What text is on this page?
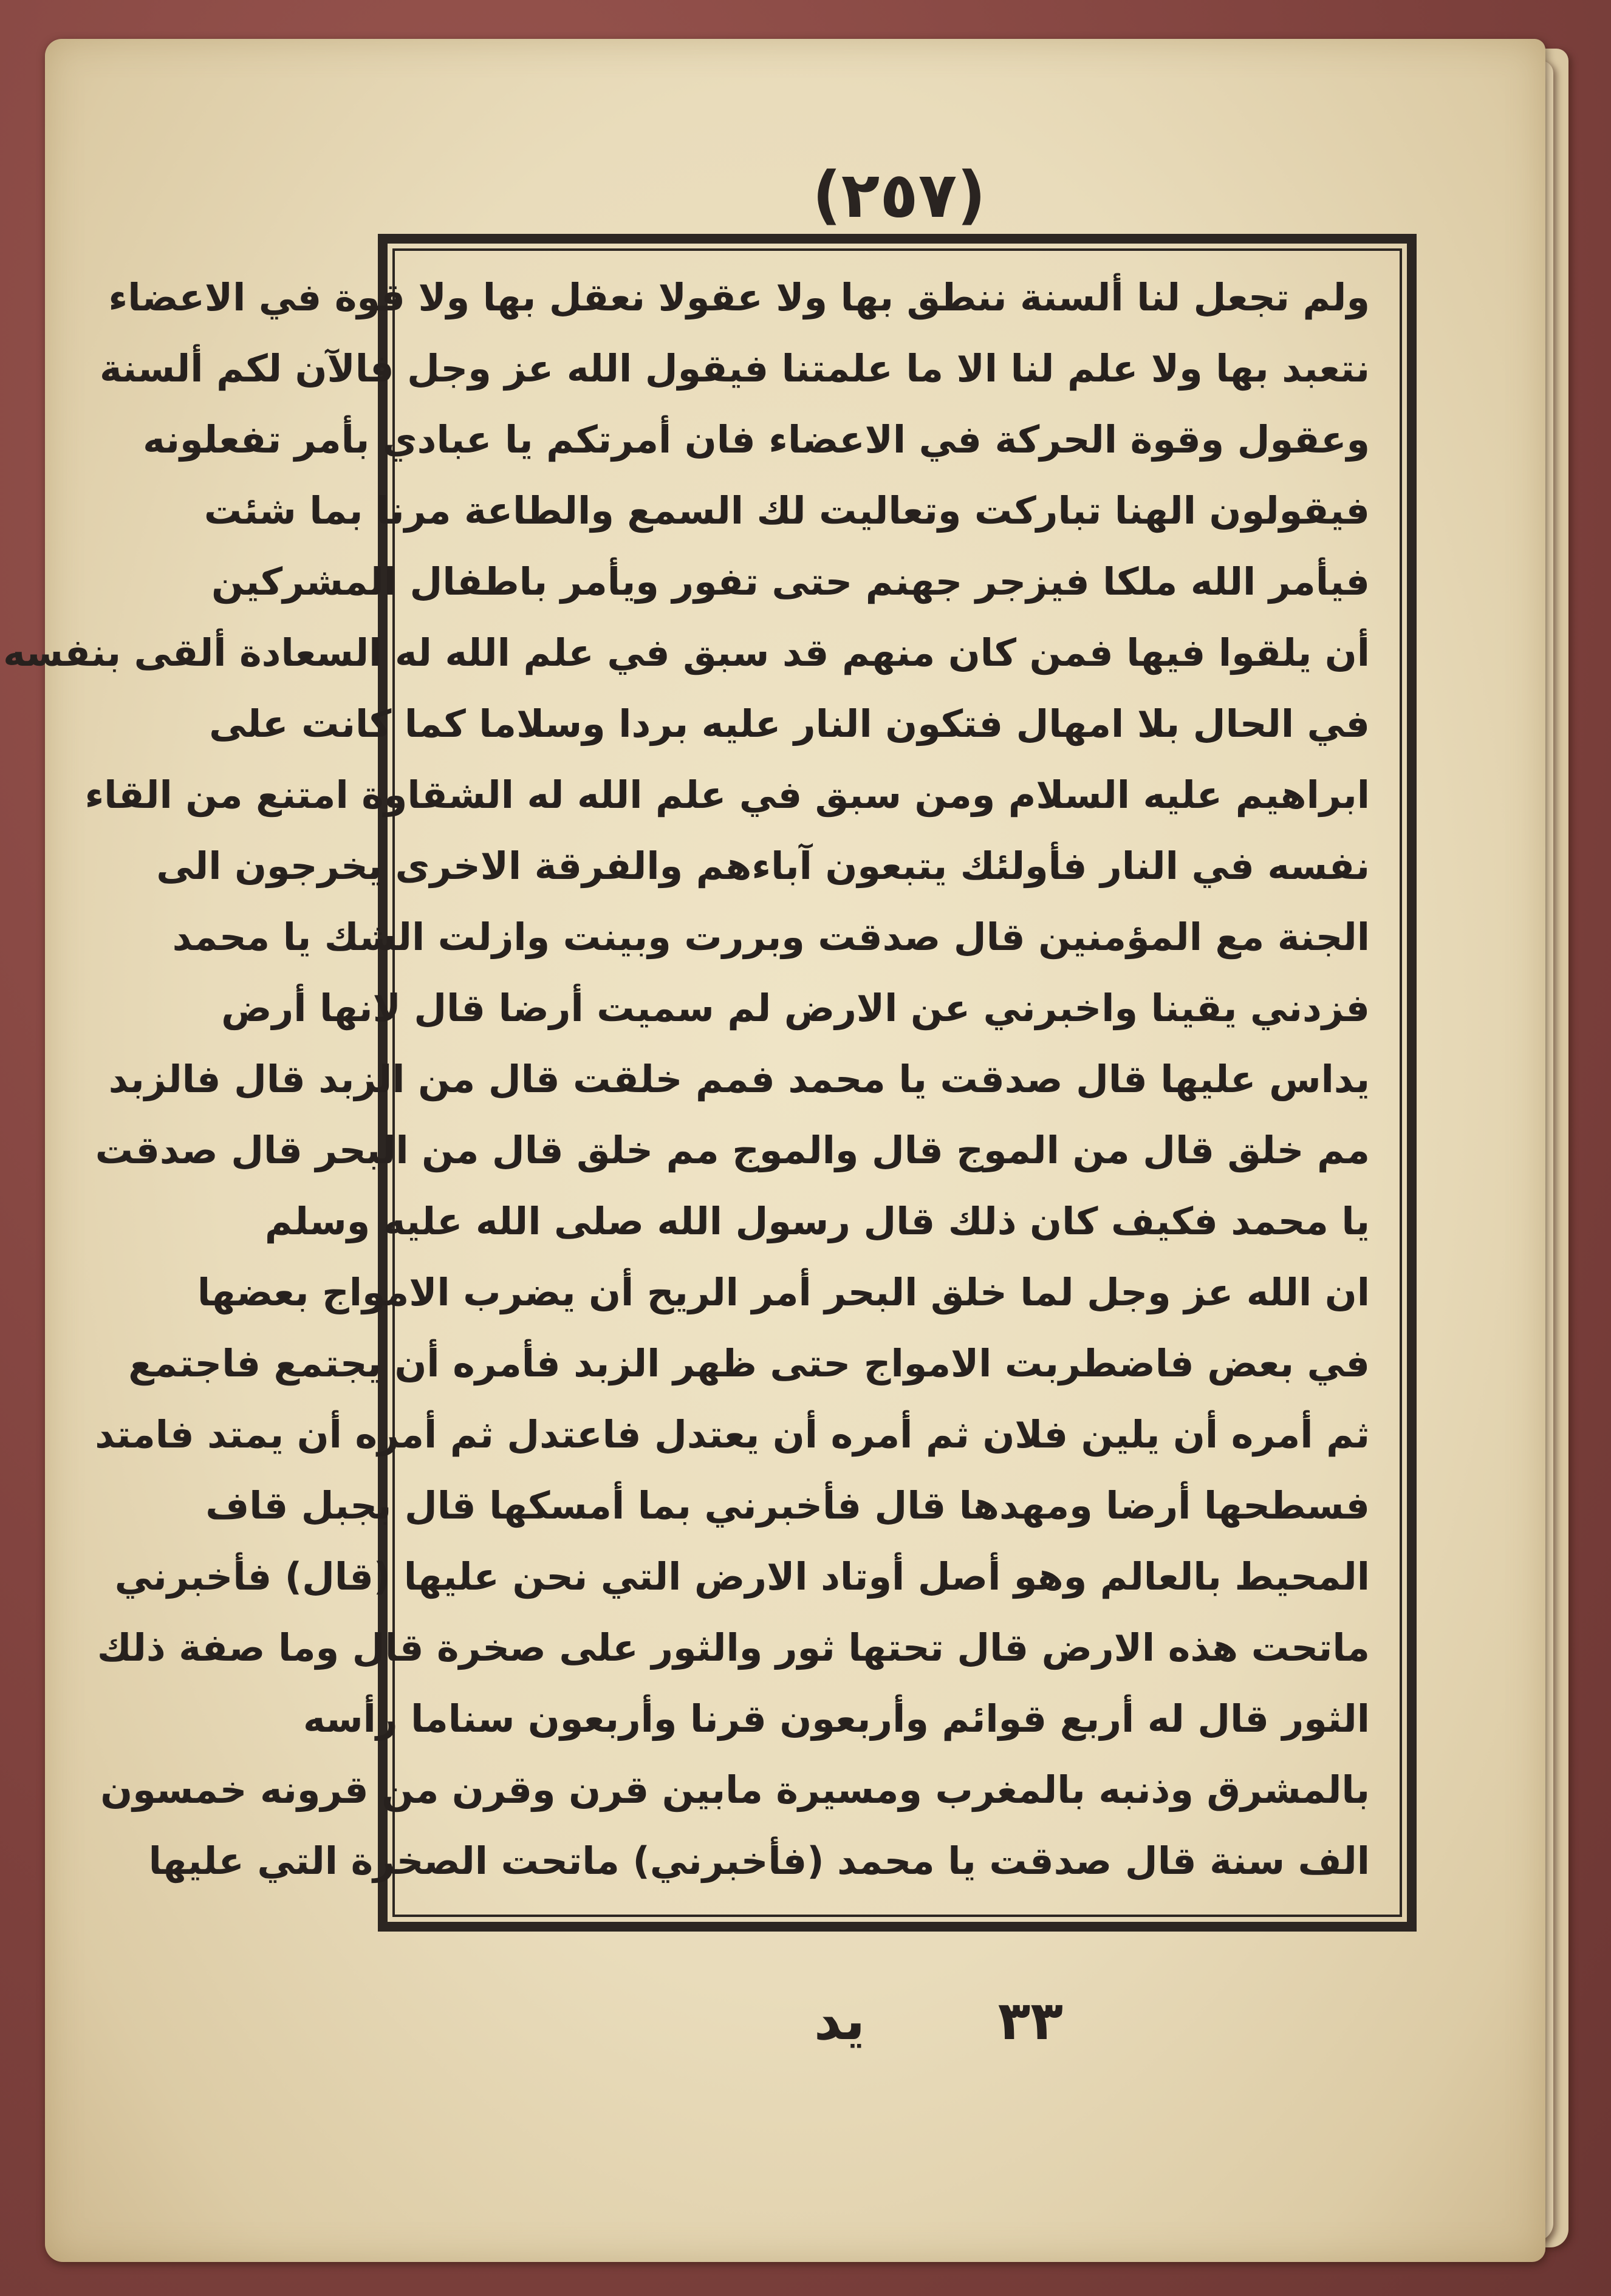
(٢٥٧)
ولم تجعل لنا ألسنة ننطق بها ولا عقولا نعقل بها ولا قوة في الاعضاء
نتعبد بها ولا علم لنا الا ما علمتنا فيقول الله عز وجل فالآن لكم ألسنة
وعقول وقوة الحركة في الاعضاء فان أمرتكم يا عبادي بأمر تفعلونه
فيقولون الهنا تباركت وتعاليت لك السمع والطاعة مرنا بما شئت
فيأمر الله ملكا فيزجر جهنم حتى تفور ويأمر باطفال المشركين
أن يلقوا فيها فمن كان منهم قد سبق في علم الله له السعادة ألقى بنفسه
في الحال بلا امهال فتكون النار عليه بردا وسلاما كما كانت على
ابراهيم عليه السلام ومن سبق في علم الله له الشقاوة امتنع من القاء
نفسه في النار فأولئك يتبعون آباءهم والفرقة الاخرى يخرجون الى
الجنة مع المؤمنين قال صدقت وبررت وبينت وازلت الشك يا محمد
فزدني يقينا واخبرني عن الارض لم سميت أرضا قال لانها أرض
يداس عليها قال صدقت يا محمد فمم خلقت قال من الزبد قال فالزبد
مم خلق قال من الموج قال والموج مم خلق قال من البحر قال صدقت
يا محمد فكيف كان ذلك قال رسول الله صلى الله عليه وسلم
ان الله عز وجل لما خلق البحر أمر الريح أن يضرب الامواج بعضها
في بعض فاضطربت الامواج حتى ظهر الزبد فأمره أن يجتمع فاجتمع
ثم أمره أن يلين فلان ثم أمره أن يعتدل فاعتدل ثم أمره أن يمتد فامتد
فسطحها أرضا ومهدها قال فأخبرني بما أمسكها قال بجبل قاف
المحيط بالعالم وهو أصل أوتاد الارض التي نحن عليها (قال) فأخبرني
ماتحت هذه الارض قال تحتها ثور والثور على صخرة قال وما صفة ذلك
الثور قال له أربع قوائم وأربعون قرنا وأربعون سناما رأسه
بالمشرق وذنبه بالمغرب ومسيرة مابين قرن وقرن من قرونه خمسون
الف سنة قال صدقت يا محمد (فأخبرني) ماتحت الصخرة التي عليها
٣٣
يد
